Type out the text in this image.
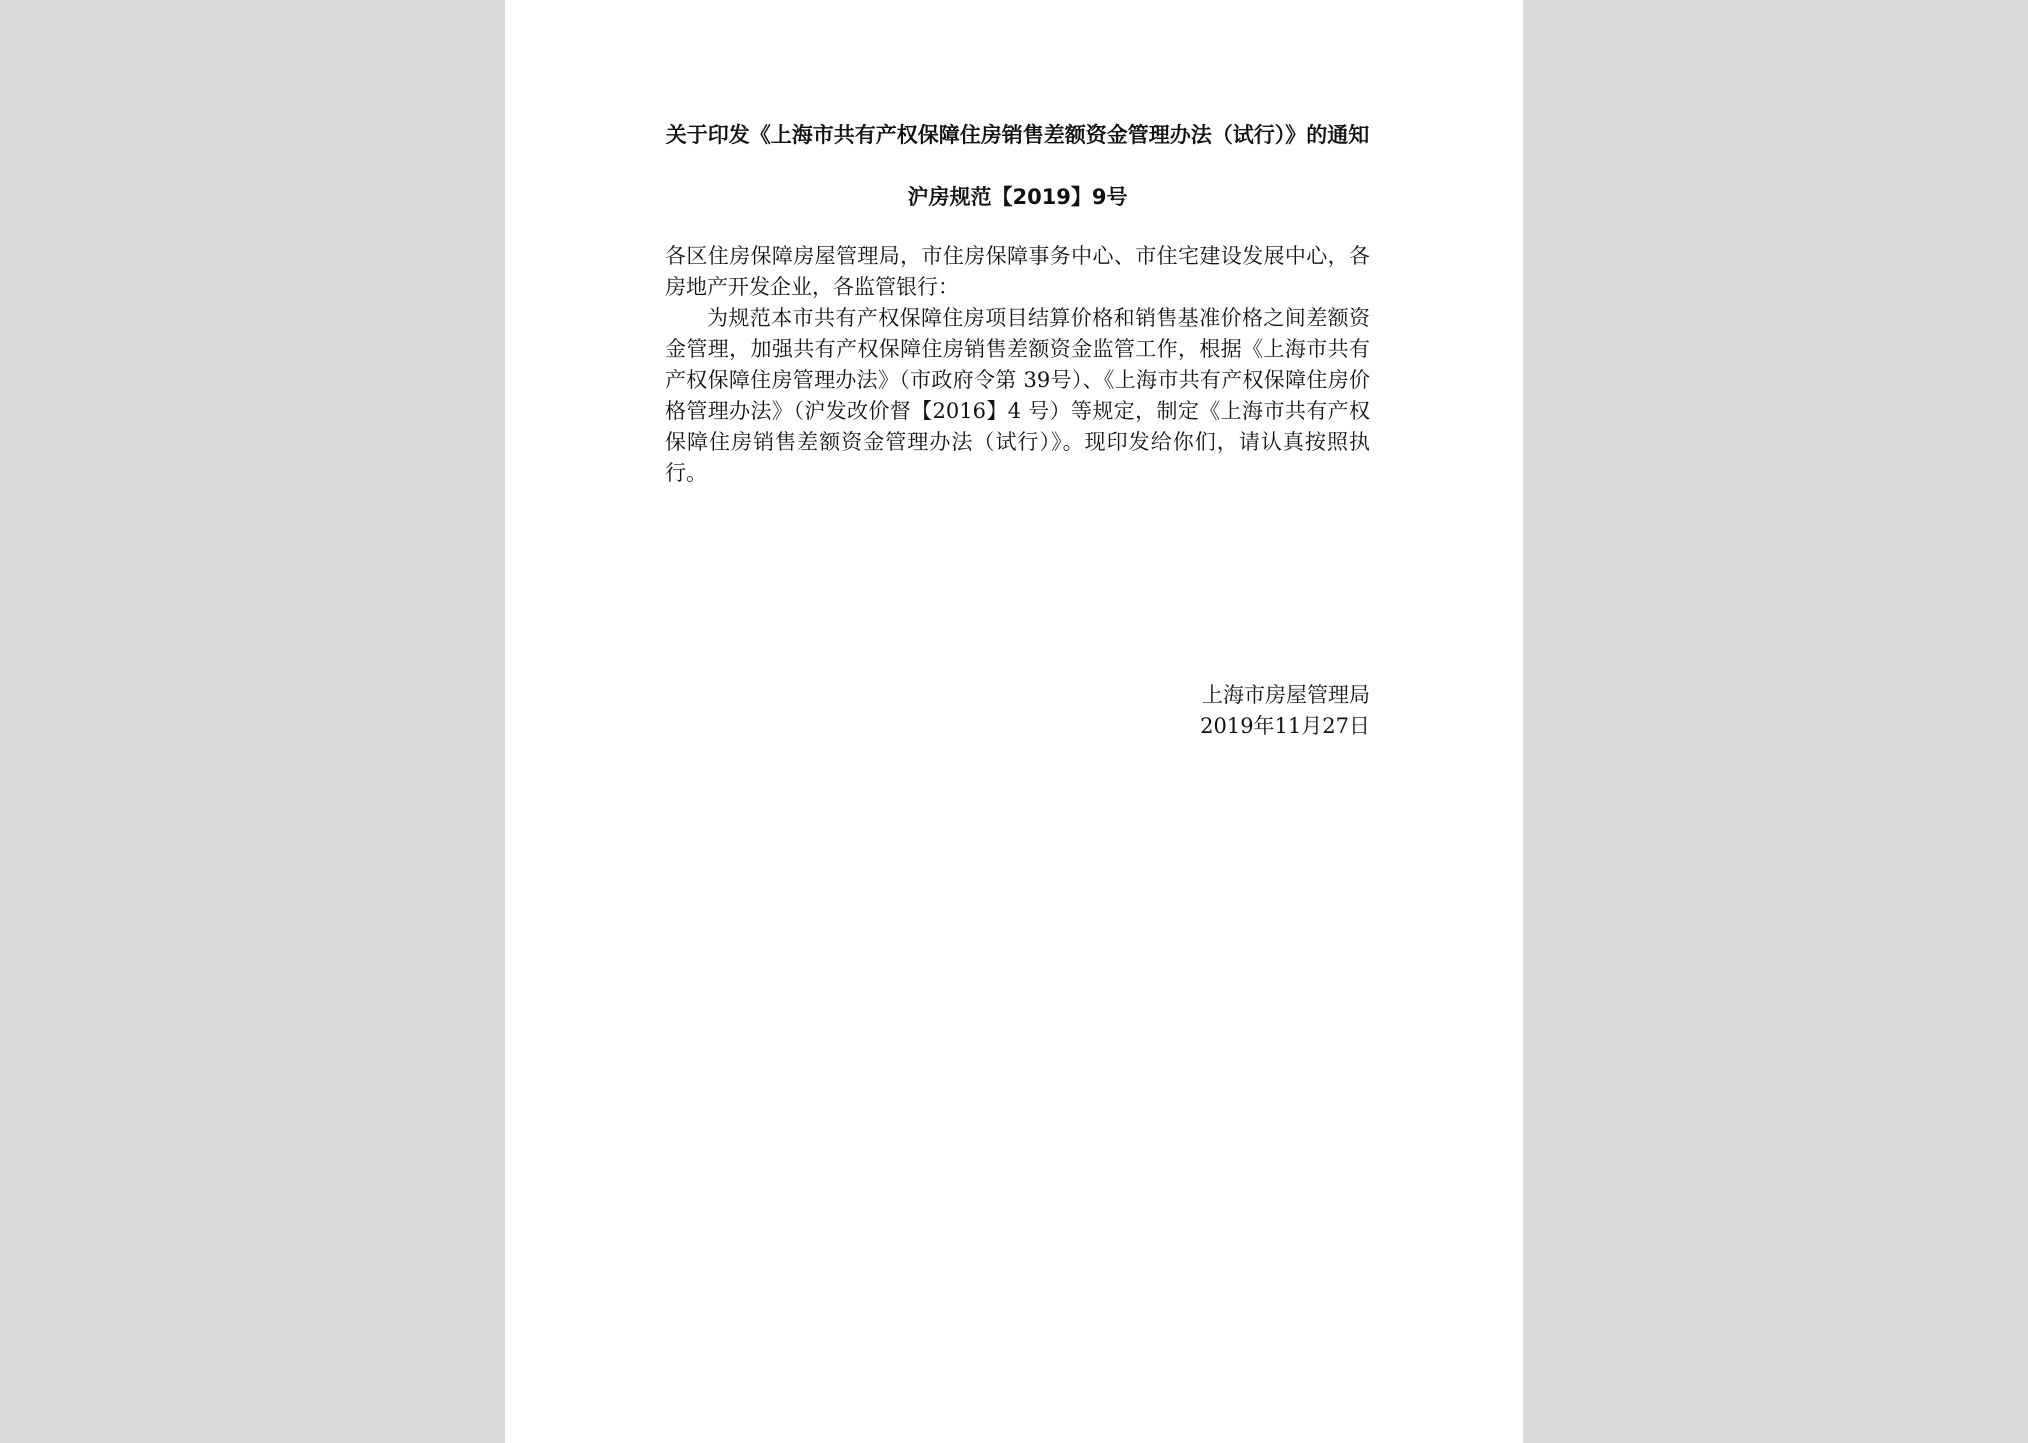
关于印发《上海市共有产权保障住房销售差额资金管理办法（试行）》的通知

沪房规范【2019】9号

各区住房保障房屋管理局，市住房保障事务中心、市住宅建设发展中心，各房地产开发企业，各监管银行：

为规范本市共有产权保障住房项目结算价格和销售基准价格之间差额资金管理，加强共有产权保障住房销售差额资金监管工作，根据《上海市共有产权保障住房管理办法》（市政府令第 39号）、《上海市共有产权保障住房价格管理办法》（沪发改价督【2016】4 号）等规定，制定《上海市共有产权保障住房销售差额资金管理办法（试行）》。现印发给你们，请认真按照执行。

上海市房屋管理局
2019年11月27日
